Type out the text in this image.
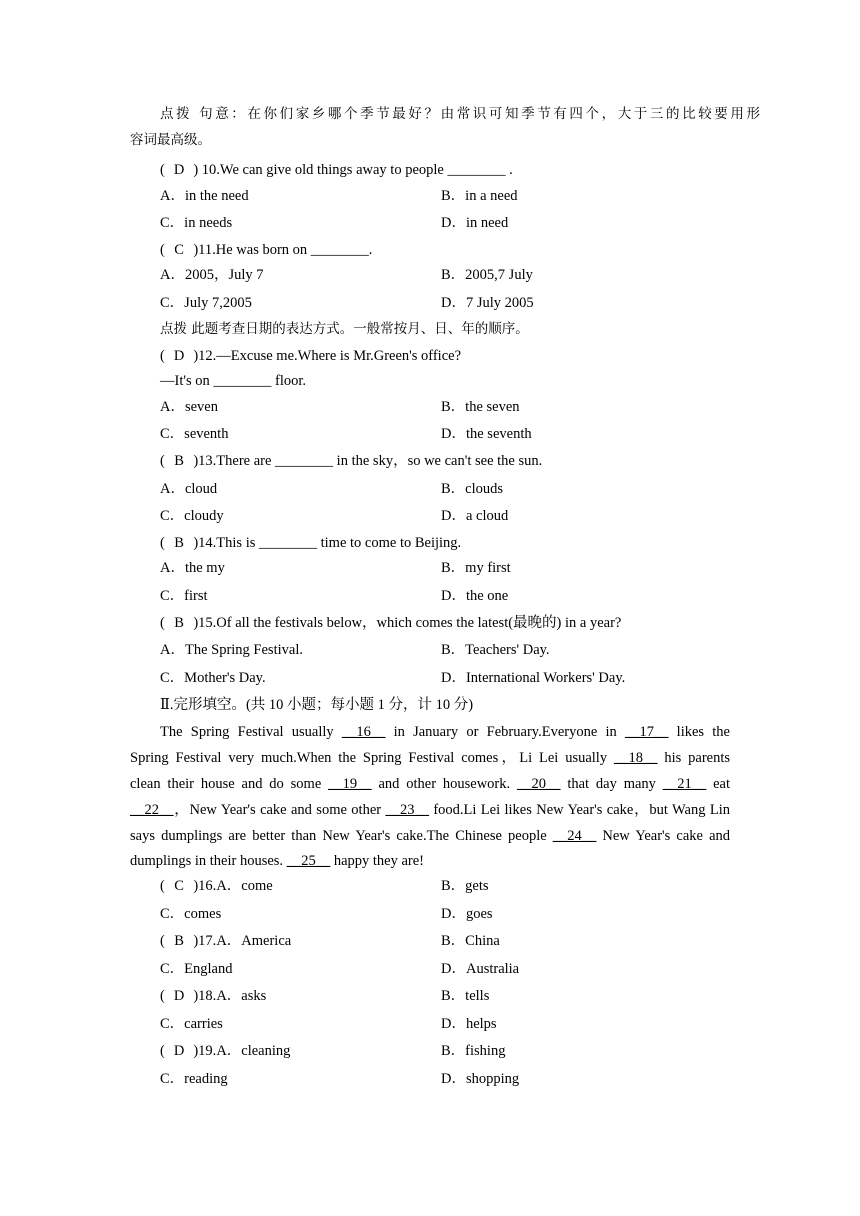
点拨 句意：在你们家乡哪个季节最好？由常识可知季节有四个，大于三的比较要用形
容词最高级。
( D ) 10.We can give old things away to people ________ .
A．in the need	B．in a need
C．in needs	D．in need
( C )11.He was born on ________.
A．2005，July 7	B．2005,7 July
C．July 7,2005	D．7 July 2005
点拨 此题考查日期的表达方式。一般常按月、日、年的顺序。
( D )12.—Excuse me.Where is Mr.Green's office?
—It's on ________ floor.
A．seven	B．the seven
C．seventh	D．the seventh
( B )13.There are ________ in the sky，so we can't see the sun.
A．cloud	B．clouds
C．cloudy	D．a cloud
( B )14.This is ________ time to come to Beijing.
A．the my	B．my first
C．first	D．the one
( B )15.Of all the festivals below，which comes the latest(最晚的) in a year?
A．The Spring Festival.	B．Teachers' Day.
C．Mother's Day.	D．International Workers' Day.
Ⅱ.完形填空。(共 10 小题；每小题 1 分，计 10 分)
The Spring Festival usually __16__ in January or February.Everyone in __17__ likes the
Spring Festival very much.When the Spring Festival comes，Li Lei usually __18__ his parents
clean their house and do some __19__ and other housework. __20__ that day many __21__ eat
__22__，New Year's cake and some other __23__ food.Li Lei likes New Year's cake，but Wang Lin
says dumplings are better than New Year's cake.The Chinese people __24__ New Year's cake and
dumplings in their houses. __25__ happy they are!
( C )16.A．come	B．gets
C．comes	D．goes
( B )17.A．America	B．China
C．England	D．Australia
( D )18.A．asks	B．tells
C．carries	D．helps
( D )19.A．cleaning	B．fishing
C．reading	D．shopping
